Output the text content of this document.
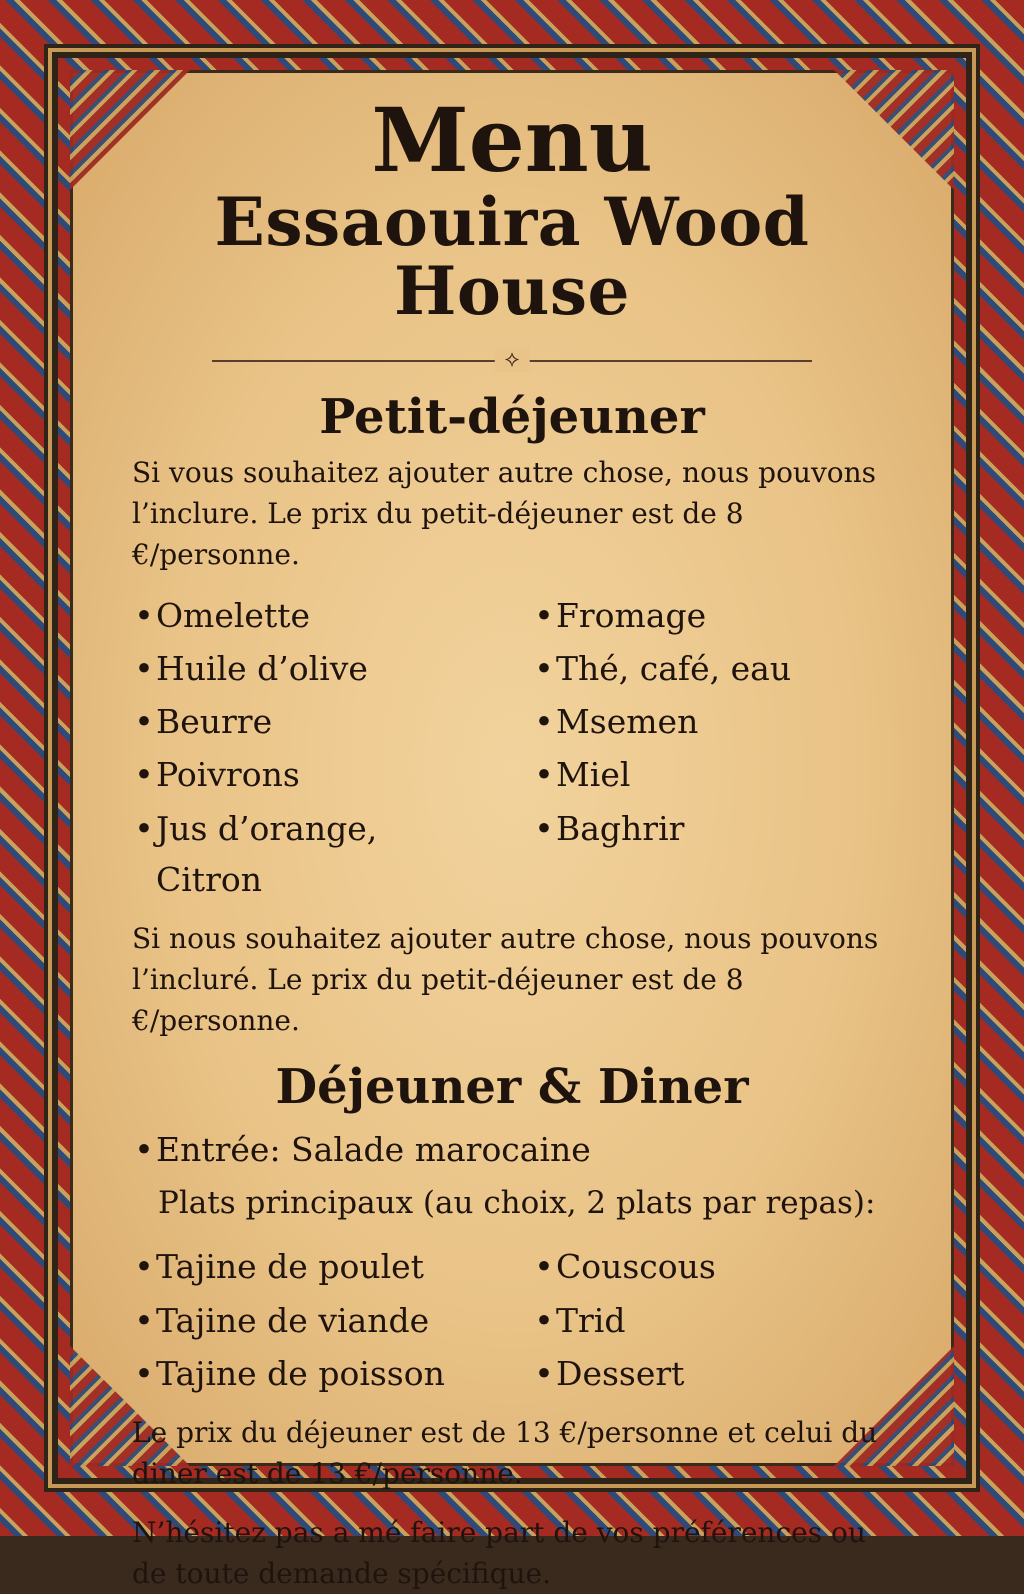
Menu
Essaouira Wood House
⟡
Petit-déjeuner

Si vous souhaitez ajouter autre chose, nous pouvons l’inclure. Le prix du petit-déjeuner est de 8 €/personne.

• Omelette	• Fromage
• Huile d’olive	• Thé, café, eau
• Beurre	• Msemen
• Poivrons	• Miel
• Jus d’orange, Citron
• Baghrir

Si nous souhaitez ajouter autre chose, nous pouvons l’incluré. Le prix du petit-déjeuner est de 8 €/personne.

Déjeuner & Diner
• Entrée: Salade marocaine
Plats principaux (au choix, 2 plats par repas):
• Tajine de poulet	• Couscous
• Tajine de viande	• Trid
• Tajine de poisson	• Dessert

Le prix du déjeuner est de 13 €/personne et celui du diner est de 13 €/personne.

N’hésitez pas a mé faire part de vos préférences ou de toute demande spécifique.
